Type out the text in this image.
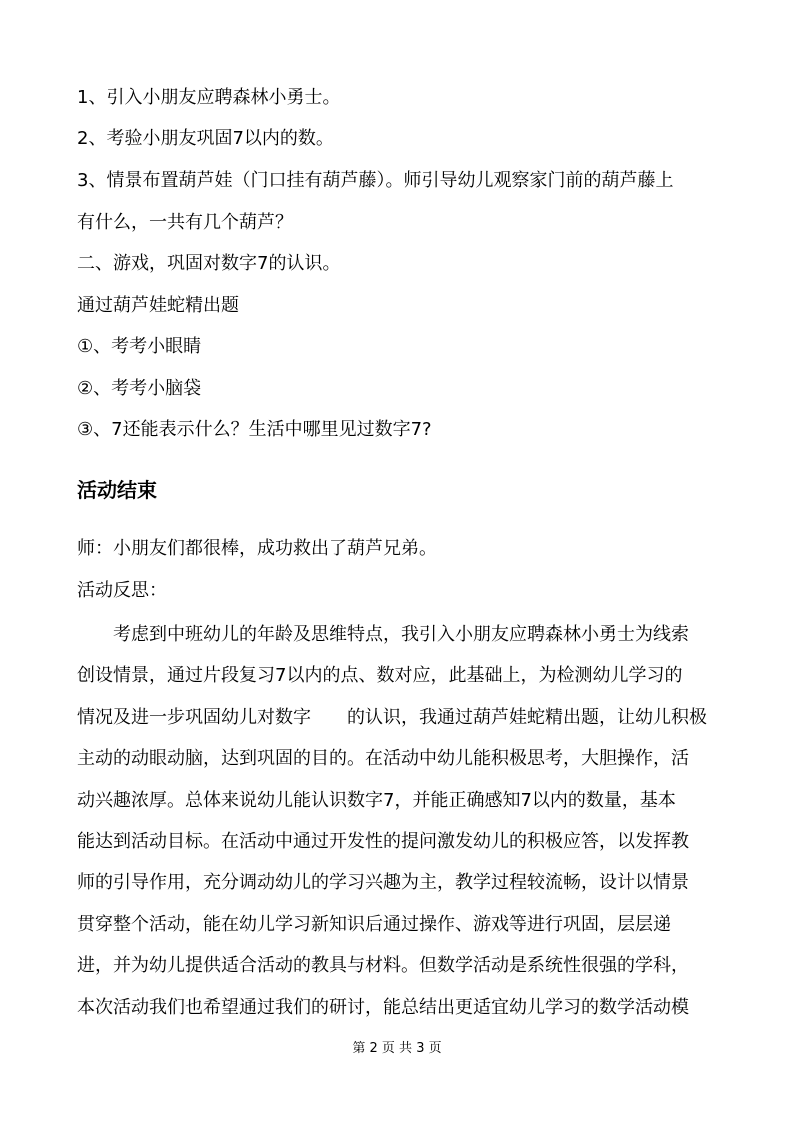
1、引入小朋友应聘森林小勇士。
2、考验小朋友巩固7以内的数。
3、情景布置葫芦娃（门口挂有葫芦藤）。师引导幼儿观察家门前的葫芦藤上
有什么，一共有几个葫芦？
二、游戏，巩固对数字7的认识。
通过葫芦娃蛇精出题
①、考考小眼睛
②、考考小脑袋
③、7还能表示什么？生活中哪里见过数字7?
活动结束
师：小朋友们都很棒，成功救出了葫芦兄弟。
活动反思：
考虑到中班幼儿的年龄及思维特点，我引入小朋友应聘森林小勇士为线索
创设情景，通过片段复习7以内的点、数对应，此基础上，为检测幼儿学习的
情况及进一步巩固幼儿对数字　　的认识，我通过葫芦娃蛇精出题，让幼儿积极
主动的动眼动脑，达到巩固的目的。在活动中幼儿能积极思考，大胆操作，活
动兴趣浓厚。总体来说幼儿能认识数字7，并能正确感知7以内的数量，基本
能达到活动目标。在活动中通过开发性的提问激发幼儿的积极应答，以发挥教
师的引导作用，充分调动幼儿的学习兴趣为主，教学过程较流畅，设计以情景
贯穿整个活动，能在幼儿学习新知识后通过操作、游戏等进行巩固，层层递
进，并为幼儿提供适合活动的教具与材料。但数学活动是系统性很强的学科，
本次活动我们也希望通过我们的研讨，能总结出更适宜幼儿学习的数学活动模
第 2 页 共 3 页
